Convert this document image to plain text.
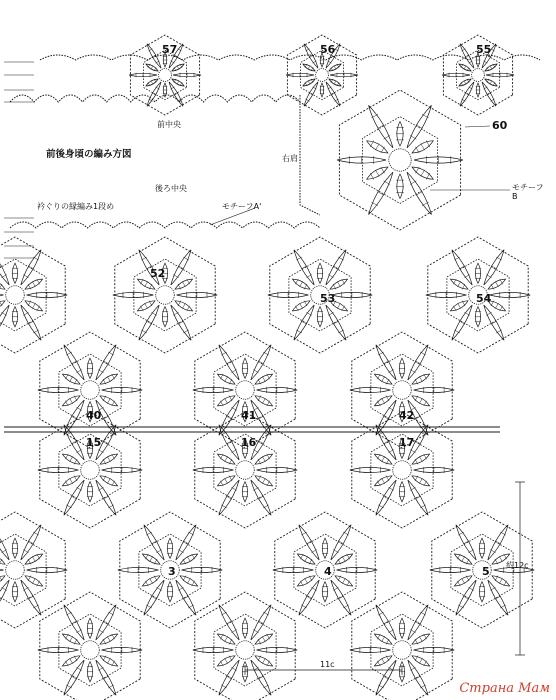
57	56	55
60
52
53	54
40	41	42
15	16	17
3	4	5
前後身頃の編み方図
前中央
右肩
後ろ中央
衿ぐりの縁編み1段め	モチーフA'
モチーフB
11c
約12c
Страна Мам
